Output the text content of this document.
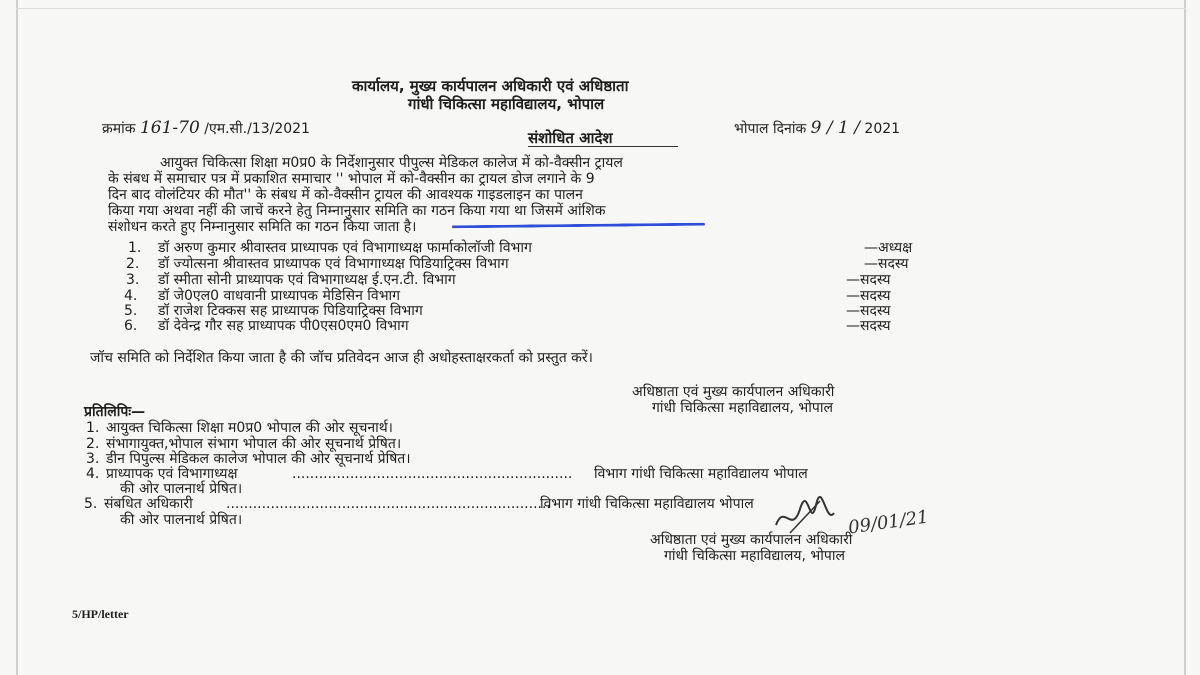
कार्यालय, मुख्य कार्यपालन अधिकारी एवं अधिष्ठाता
गांधी चिकित्सा महाविद्यालय, भोपाल
क्रमांक 161-70 /एम.सी./13/2021	भोपाल दिनांक 9 / 1 / 2021
संशोधित आदेश
आयुक्त चिकित्सा शिक्षा म0प्र0 के निर्देशानुसार पीपुल्स मेडिकल कालेज में को-वैक्सीन ट्रायल
के संबध में समाचार पत्र में प्रकाशित समाचार '' भोपाल में को-वैक्सीन का ट्रायल डोज लगाने के 9
दिन बाद वोलंटियर की मौत'' के संबध में को-वैक्सीन ट्रायल की आवश्यक गाइडलाइन का पालन
किया गया अथवा नहीं की जाचें करने हेतु निम्नानुसार समिति का गठन किया गया था जिसमें आंशिक
संशोधन करते हुए निम्नानुसार समिति का गठन किया जाता है।
1. डॉ अरुण कुमार श्रीवास्तव प्राध्यापक एवं विभागाध्यक्ष फार्माकोलॉजी विभाग	—अध्यक्ष
2. डॉ ज्योत्सना श्रीवास्तव प्राध्यापक एवं विभागाध्यक्ष पिडियाट्रिक्स विभाग	—सदस्य
3. डॉ स्मीता सोनी प्राध्यापक एवं विभागाध्यक्ष ई.एन.टी. विभाग	—सदस्य
4. डॉ जे0एल0 वाधवानी प्राध्यापक मेडिसिन विभाग	—सदस्य
5. डॉ राजेश टिक्कस सह प्राध्यापक पिडियाट्रिक्स विभाग	—सदस्य
6. डॉ देवेन्द्र गौर सह प्राध्यापक पी0एस0एम0 विभाग	—सदस्य
जॉच समिति को निर्देशित किया जाता है की जॉच प्रतिवेदन आज ही अधोहस्ताक्षरकर्ता को प्रस्तुत करें।
अधिष्ठाता एवं मुख्य कार्यपालन अधिकारी
गांधी चिकित्सा महाविद्यालय, भोपाल
प्रतिलिपिः—
1. आयुक्त चिकित्सा शिक्षा म0प्र0 भोपाल की ओर सूचनार्थ।
2. संभागायुक्त,भोपाल संभाग भोपाल की ओर सूचनार्थ प्रेषित।
3. डीन पिपुल्स मेडिकल कालेज भोपाल की ओर सूचनार्थ प्रेषित।
4. प्राध्यापक एवं विभागाध्यक्ष	............................................................... विभाग गांधी चिकित्सा महाविद्यालय भोपाल
की ओर पालनार्थ प्रेषित।
5. संबधित अधिकारी .........................................................................
विभाग गांधी चिकित्सा महाविद्यालय भोपाल
की ओर पालनार्थ प्रेषित।	09/01/21
अधिष्ठाता एवं मुख्य कार्यपालन अधिकारी
गांधी चिकित्सा महाविद्यालय, भोपाल
5/HP/letter
